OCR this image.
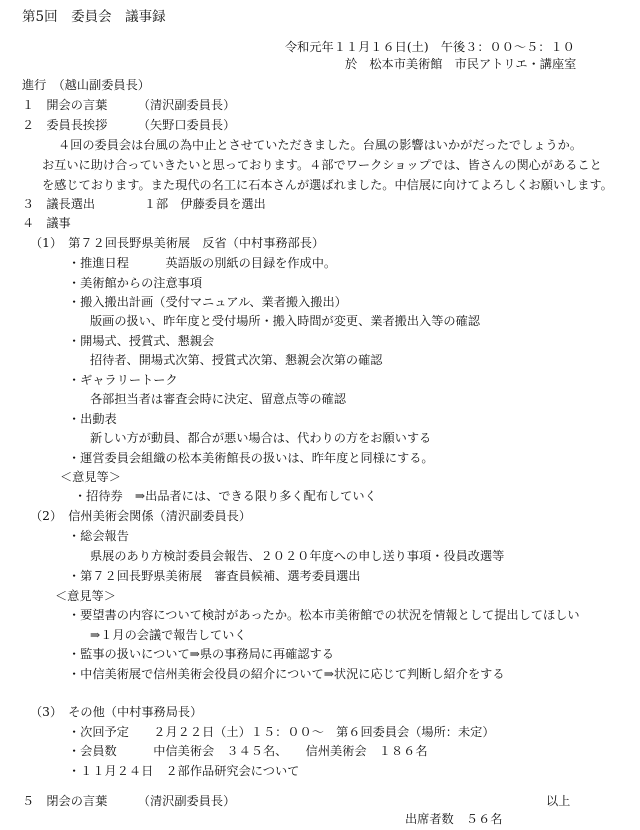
第5回　委員会　議事録
令和元年１１月１６日(土)　午後３：００～５：１０
於　松本市美術館　市民アトリエ・講座室
進行　（越山副委員長）
１　開会の言葉　　　（清沢副委員長）
２　委員長挨拶　　　（矢野口委員長）
４回の委員会は台風の為中止とさせていただきました。台風の影響はいかがだったでしょうか。
お互いに助け合っていきたいと思っております。４部でワークショップでは、皆さんの関心があること
を感じております。また現代の名工に石本さんが選ばれました。中信展に向けてよろしくお願いします。
３　議長選出　　　　１部　伊藤委員を選出
４　議事
（1）　第７２回長野県美術展　反省（中村事務部長）
・推進日程　　　英語版の別紙の目録を作成中。
・美術館からの注意事項
・搬入搬出計画（受付マニュアル、業者搬入搬出）
版画の扱い、昨年度と受付場所・搬入時間が変更、業者搬出入等の確認
・開場式、授賞式、懇親会
招待者、開場式次第、授賞式次第、懇親会次第の確認
・ギャラリートーク
各部担当者は審査会時に決定、留意点等の確認
・出動表
新しい方が動員、都合が悪い場合は、代わりの方をお願いする
・運営委員会組織の松本美術館長の扱いは、昨年度と同様にする。
＜意見等＞
・招待券　⇒出品者には、できる限り多く配布していく
（2）　信州美術会関係（清沢副委員長）
・総会報告
県展のあり方検討委員会報告、２０２０年度への申し送り事項・役員改選等
・第７２回長野県美術展　審査員候補、選考委員選出
＜意見等＞
・要望書の内容について検討があったか。松本市美術館での状況を情報として提出してほしい
⇒１月の会議で報告していく
・監事の扱いについて⇒県の事務局に再確認する
・中信美術展で信州美術会役員の紹介について⇒状況に応じて判断し紹介をする
（3）　その他（中村事務局長）
・次回予定　　２月２２日（土）１５：００～　第６回委員会（場所：未定）
・会員数　　　中信美術会　３４５名、　　信州美術会　１８６名
・１１月２４日　２部作品研究会について
５　閉会の言葉　　　（清沢副委員長）	以上
出席者数　５６名
